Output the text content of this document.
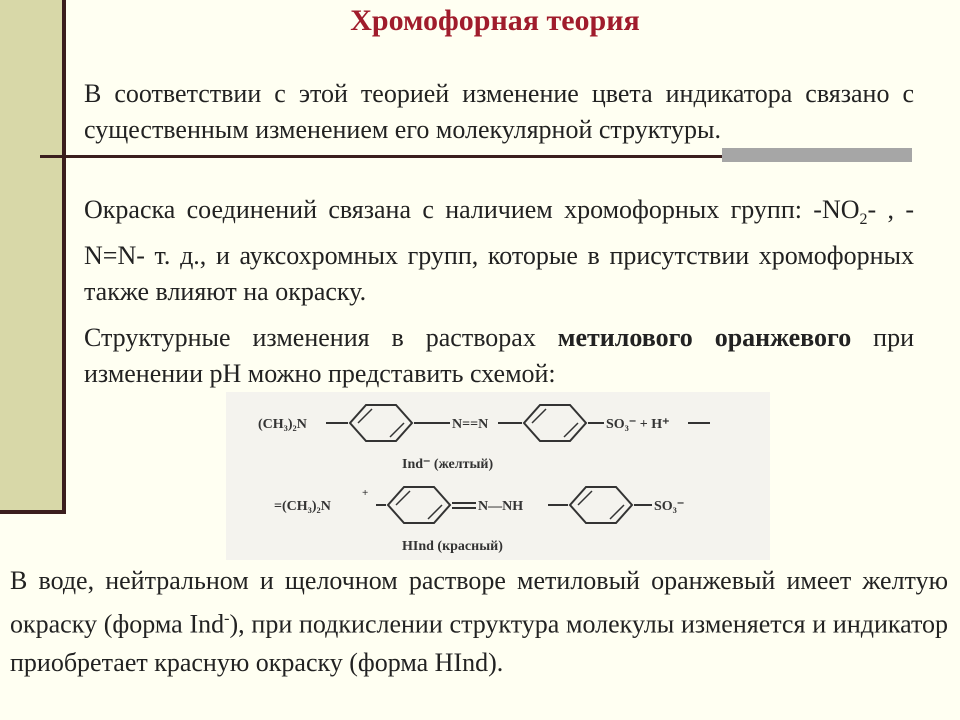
Хромофорная теория
В соответствии с этой теорией изменение цвета индикатора связано с существенным изменением его молекулярной структуры.
Окраска соединений связана с наличием хромофорных групп: $-NO_2-$ , -N=N- т. д., и ауксохромных групп, которые в присутствии хромофорных также влияют на окраску.
Структурные изменения в растворах метилового оранжевого при изменении рН можно представить схемой:
(CH₃)₂N	N==N	SO₃⁻ + H⁺
Ind⁻ (желтый)
=(CH₃)₂N
+
N—NH	SO₃⁻
HInd (красный)
В воде, нейтральном и щелочном растворе метиловый оранжевый имеет желтую окраску (форма Ind-), при подкислении структура молекулы изменяется и индикатор приобретает красную окраску (форма HInd).
